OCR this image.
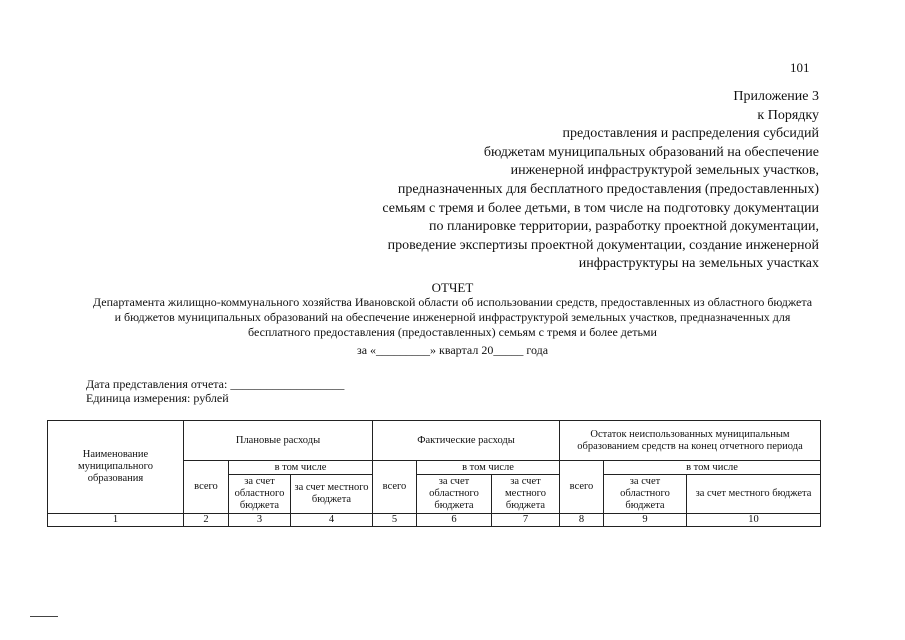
101
Приложение 3
к Порядку
предоставления и распределения субсидий
бюджетам муниципальных образований на обеспечение
инженерной инфраструктурой земельных участков,
предназначенных для бесплатного предоставления (предоставленных)
семьям с тремя и более детьми, в том числе на подготовку документации
по планировке территории, разработку проектной документации,
проведение экспертизы проектной документации, создание инженерной
инфраструктуры на земельных участках
ОТЧЕТ
Департамента жилищно-коммунального хозяйства Ивановской области об использовании средств, предоставленных из областного бюджета
и бюджетов муниципальных образований на обеспечение инженерной инфраструктурой земельных участков, предназначенных для
бесплатного предоставления (предоставленных) семьям с тремя и более детьми
за «_________» квартал 20_____ года
Дата представления отчета: ___________________
Единица измерения: рублей
Наименование муниципального образования	Плановые расходы			Фактические расходы			Остаток неиспользованных муниципальным образованием средств на конец отчетного периода		
	всего	в том числе		всего	в том числе		всего	в том числе	
		за счет областного бюджета	за счет местного бюджета		за счет областного бюджета	за счет местного бюджета		за счет областного бюджета	за счет местного бюджета
1	2	3	4	5	6	7	8	9	10
